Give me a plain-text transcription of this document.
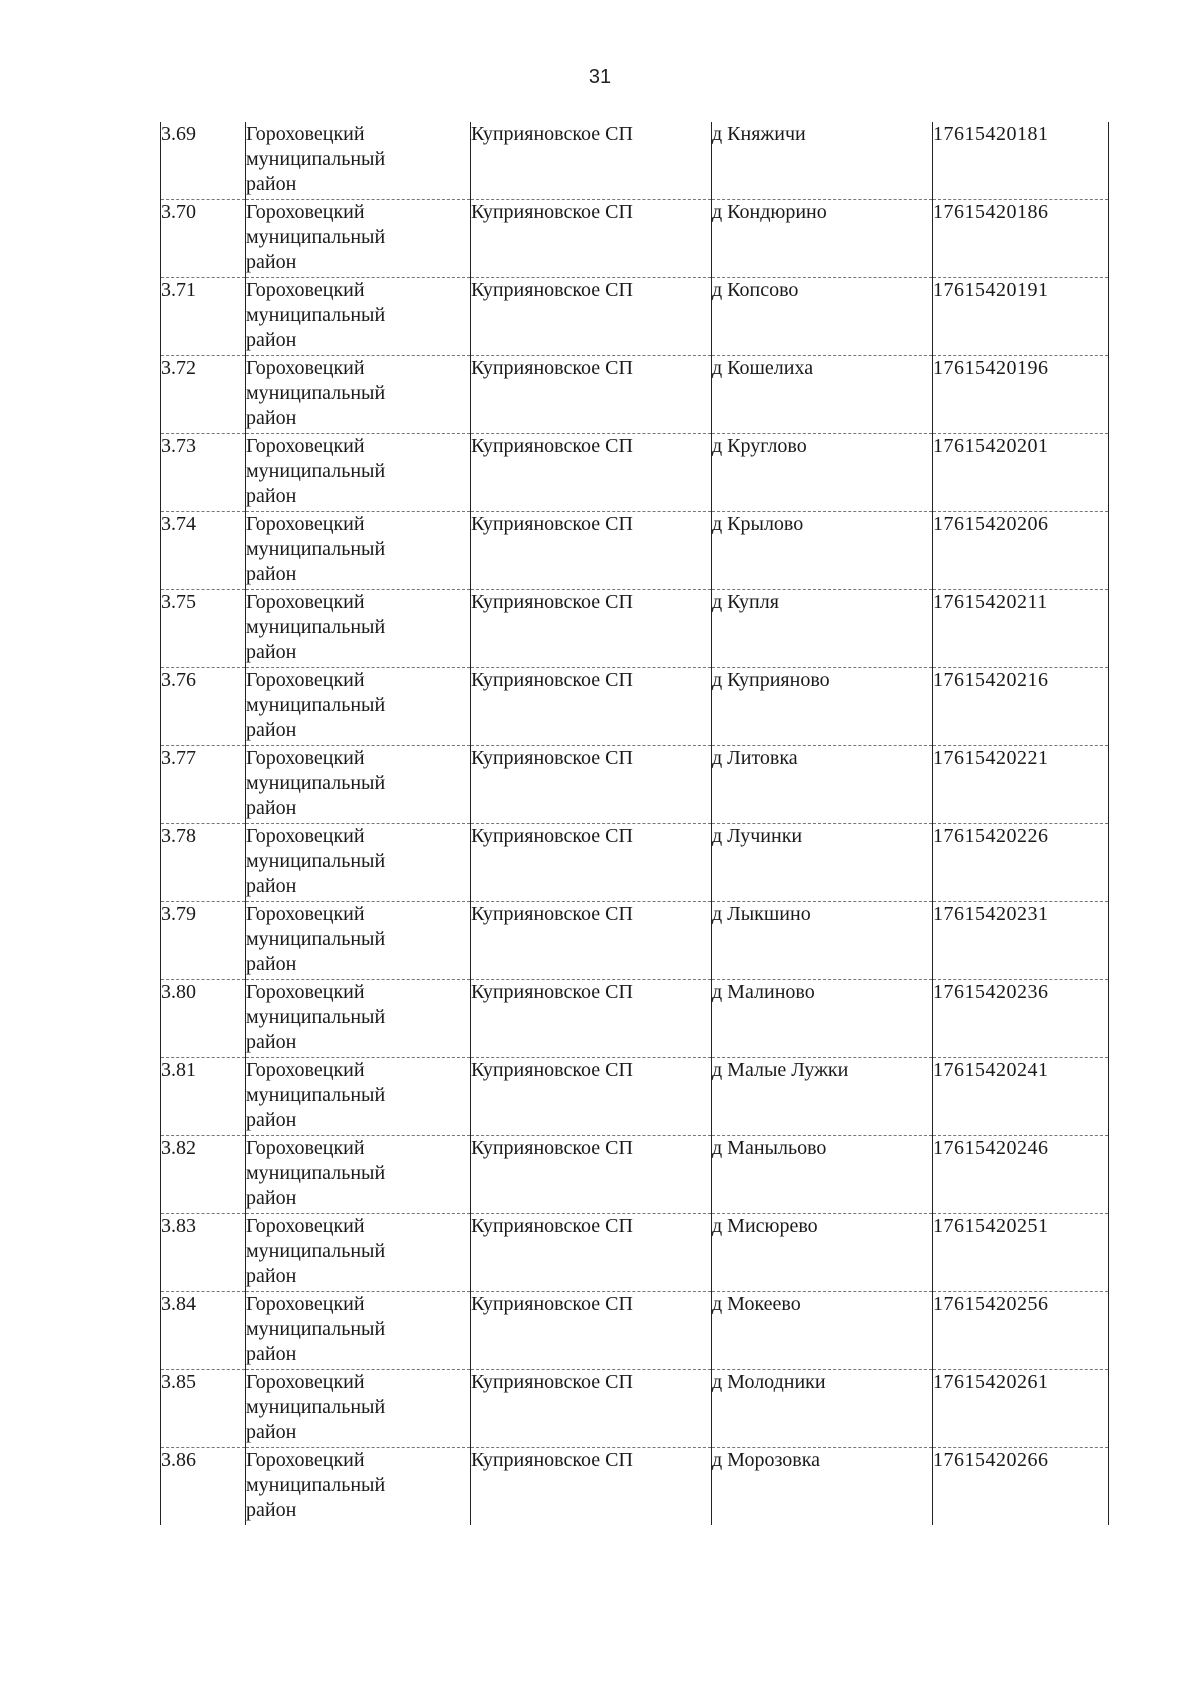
31
3.69	Гороховецкий
муниципальный
район	Куприяновское СП	д Княжичи	17615420181
3.70	Гороховецкий
муниципальный
район	Куприяновское СП	д Кондюрино	17615420186
3.71	Гороховецкий
муниципальный
район	Куприяновское СП	д Копсово	17615420191
3.72	Гороховецкий
муниципальный
район	Куприяновское СП	д Кошелиха	17615420196
3.73	Гороховецкий
муниципальный
район	Куприяновское СП	д Круглово	17615420201
3.74	Гороховецкий
муниципальный
район	Куприяновское СП	д Крылово	17615420206
3.75	Гороховецкий
муниципальный
район	Куприяновское СП	д Купля	17615420211
3.76	Гороховецкий
муниципальный
район	Куприяновское СП	д Куприяново	17615420216
3.77	Гороховецкий
муниципальный
район	Куприяновское СП	д Литовка	17615420221
3.78	Гороховецкий
муниципальный
район	Куприяновское СП	д Лучинки	17615420226
3.79	Гороховецкий
муниципальный
район	Куприяновское СП	д Лыкшино	17615420231
3.80	Гороховецкий
муниципальный
район	Куприяновское СП	д Малиново	17615420236
3.81	Гороховецкий
муниципальный
район	Куприяновское СП	д Малые Лужки	17615420241
3.82	Гороховецкий
муниципальный
район	Куприяновское СП	д Маныльово	17615420246
3.83	Гороховецкий
муниципальный
район	Куприяновское СП	д Мисюрево	17615420251
3.84	Гороховецкий
муниципальный
район	Куприяновское СП	д Мокеево	17615420256
3.85	Гороховецкий
муниципальный
район	Куприяновское СП	д Молодники	17615420261
3.86	Гороховецкий
муниципальный
район	Куприяновское СП	д Морозовка	17615420266
